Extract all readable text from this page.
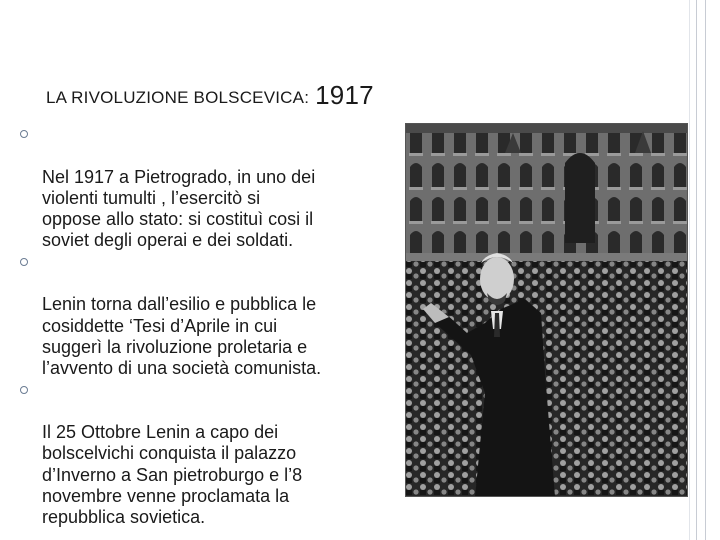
LA RIVOLUZIONE BOLSCEVICA: 1917

Nel 1917 a Pietrogrado, in uno dei
violenti tumulti , l’esercitò si
oppose allo stato: si costituì cosi il
soviet degli operai e dei soldati.

Lenin torna dall’esilio e pubblica le
cosiddette ‘Tesi d’Aprile in cui
suggerì la rivoluzione proletaria e
l’avvento di una società comunista.

Il 25 Ottobre Lenin a capo dei
bolscelvichi conquista il palazzo
d’Inverno a San pietroburgo e l’8
novembre venne proclamata la
repubblica sovietica.
